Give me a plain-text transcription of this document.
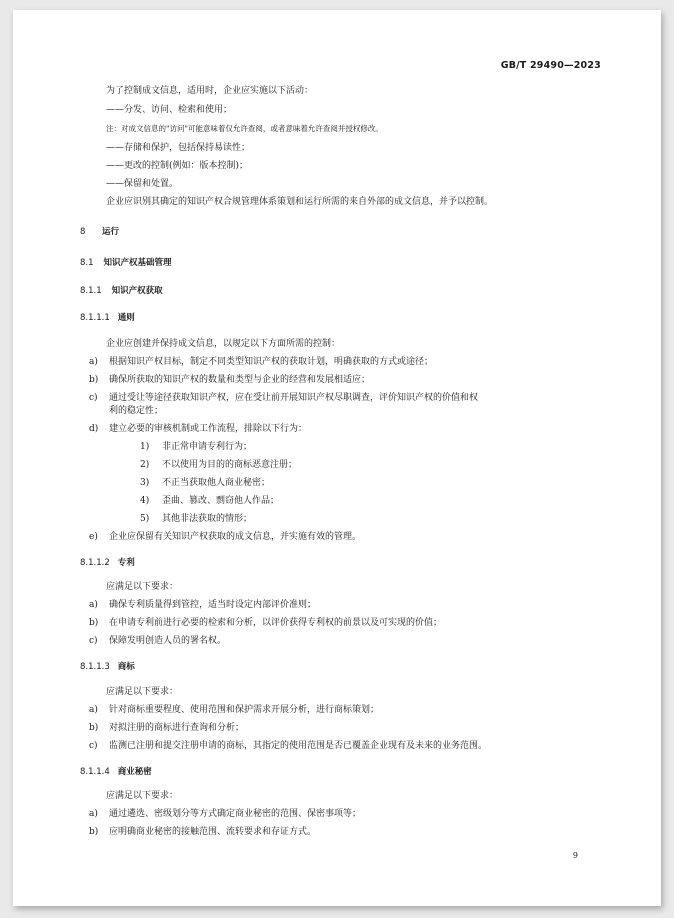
GB/T 29490—2023
为了控制成文信息，适用时，企业应实施以下活动：
——分发、访问、检索和使用；
注：对成文信息的"访问"可能意味着仅允许查阅，或者意味着允许查阅并授权修改。
——存储和保护，包括保持易读性；
——更改的控制(例如：版本控制)；
——保留和处置。
企业应识别其确定的知识产权合规管理体系策划和运行所需的来自外部的成文信息，并予以控制。
8 运行
8.1 知识产权基础管理
8.1.1 知识产权获取
8.1.1.1 通则
企业应创建并保持成文信息，以规定以下方面所需的控制：
a) 根据知识产权目标，制定不同类型知识产权的获取计划，明确获取的方式或途径；
b) 确保所获取的知识产权的数量和类型与企业的经营和发展相适应；
c) 通过受让等途径获取知识产权，应在受让前开展知识产权尽职调查，评价知识产权的价值和权
利的稳定性；
d) 建立必要的审核机制或工作流程，排除以下行为：
1) 非正常申请专利行为；
2) 不以使用为目的的商标恶意注册；
3) 不正当获取他人商业秘密；
4) 歪曲、篡改、剽窃他人作品；
5) 其他非法获取的情形；
e) 企业应保留有关知识产权获取的成文信息，并实施有效的管理。
8.1.1.2 专利
应满足以下要求：
a) 确保专利质量得到管控，适当时设定内部评价准则；
b) 在申请专利前进行必要的检索和分析，以评价获得专利权的前景以及可实现的价值；
c) 保障发明创造人员的署名权。
8.1.1.3 商标
应满足以下要求：
a) 针对商标重要程度、使用范围和保护需求开展分析，进行商标策划；
b) 对拟注册的商标进行查询和分析；
c) 监测已注册和提交注册申请的商标，其指定的使用范围是否已覆盖企业现有及未来的业务范围。
8.1.1.4 商业秘密
应满足以下要求：
a) 通过遴选、密级划分等方式确定商业秘密的范围、保密事项等；
b) 应明确商业秘密的接触范围、流转要求和存证方式。
9
